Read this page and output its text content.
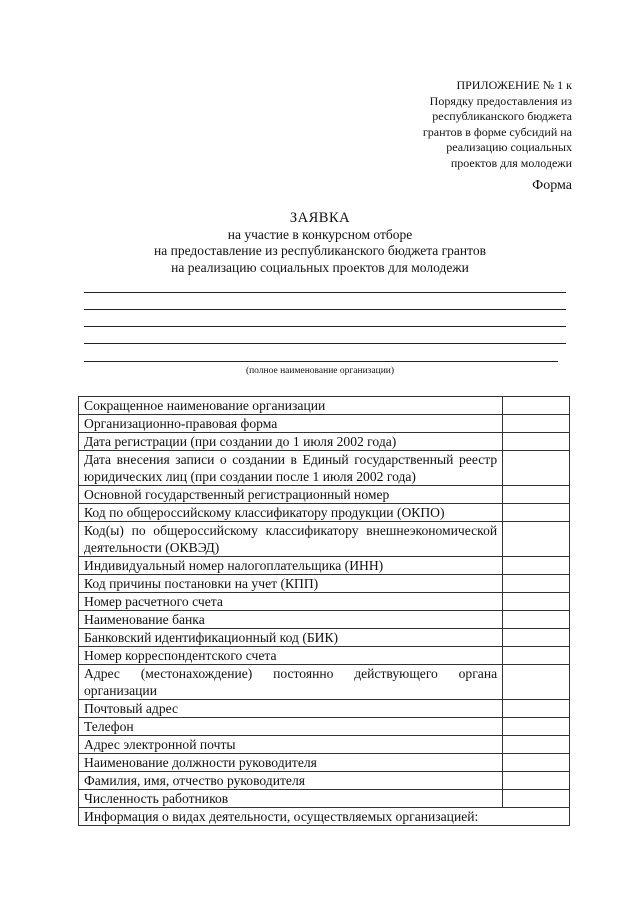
ПРИЛОЖЕНИЕ № 1 к
Порядку предоставления из
республиканского бюджета
грантов в форме субсидий на
реализацию социальных
проектов для молодежи
Форма
ЗАЯВКА
на участие в конкурсном отборе
на предоставление из республиканского бюджета грантов
на реализацию социальных проектов для молодежи
(полное наименование организации)
Сокращенное наименование организации	
Организационно-правовая форма	
Дата регистрации (при создании до 1 июля 2002 года)	
Дата внесения записи о создании в Единый государственный реестр юридических лиц (при создании после 1 июля 2002 года)	
Основной государственный регистрационный номер	
Код по общероссийскому классификатору продукции (ОКПО)	
Код(ы) по общероссийскому классификатору внешнеэкономической деятельности (ОКВЭД)	
Индивидуальный номер налогоплательщика (ИНН)	
Код причины постановки на учет (КПП)	
Номер расчетного счета	
Наименование банка	
Банковский идентификационный код (БИК)	
Номер корреспондентского счета	
Адрес (местонахождение) постоянно действующего органа организации	
Почтовый адрес	
Телефон	
Адрес электронной почты	
Наименование должности руководителя	
Фамилия, имя, отчество руководителя	
Численность работников	
Информация о видах деятельности, осуществляемых организацией:	
